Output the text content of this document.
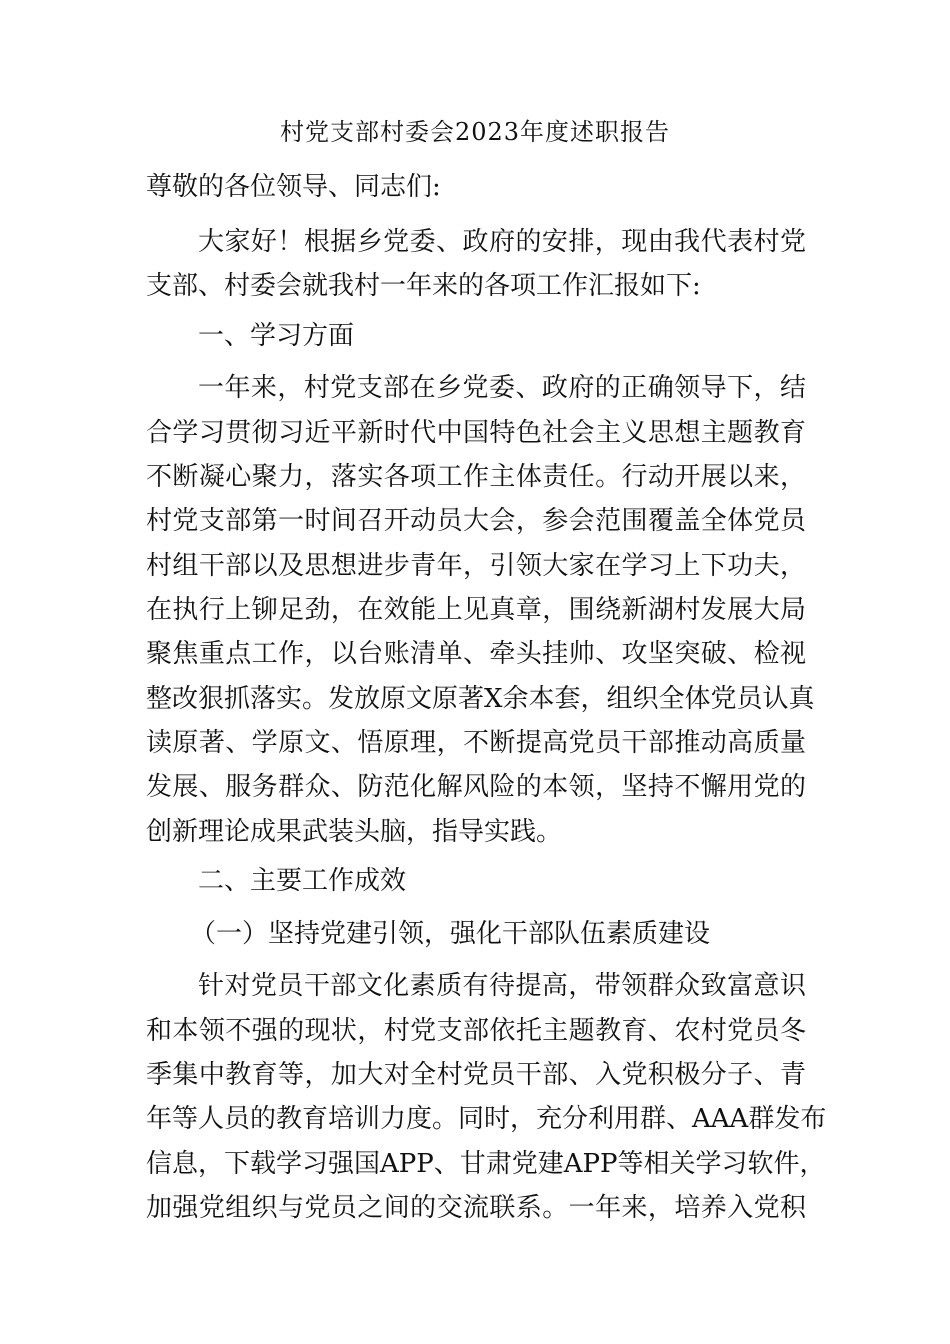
村党支部村委会2023年度述职报告
尊敬的各位领导、同志们:
大家好！根据乡党委、政府的安排，现由我代表村党
支部、村委会就我村一年来的各项工作汇报如下:
一、学习方面
一年来，村党支部在乡党委、政府的正确领导下，结
合学习贯彻习近平新时代中国特色社会主义思想主题教育
不断凝心聚力，落实各项工作主体责任。行动开展以来，
村党支部第一时间召开动员大会，参会范围覆盖全体党员
村组干部以及思想进步青年，引领大家在学习上下功夫，
在执行上铆足劲，在效能上见真章，围绕新湖村发展大局
聚焦重点工作，以台账清单、牵头挂帅、攻坚突破、检视
整改狠抓落实。发放原文原著X余本套，组织全体党员认真
读原著、学原文、悟原理，不断提高党员干部推动高质量
发展、服务群众、防范化解风险的本领，坚持不懈用党的
创新理论成果武装头脑，指导实践。
二、主要工作成效
（一）坚持党建引领，强化干部队伍素质建设
针对党员干部文化素质有待提高，带领群众致富意识
和本领不强的现状，村党支部依托主题教育、农村党员冬
季集中教育等，加大对全村党员干部、入党积极分子、青
年等人员的教育培训力度。同时，充分利用群、AAA群发布
信息，下载学习强国APP、甘肃党建APP等相关学习软件，
加强党组织与党员之间的交流联系。一年来，培养入党积
